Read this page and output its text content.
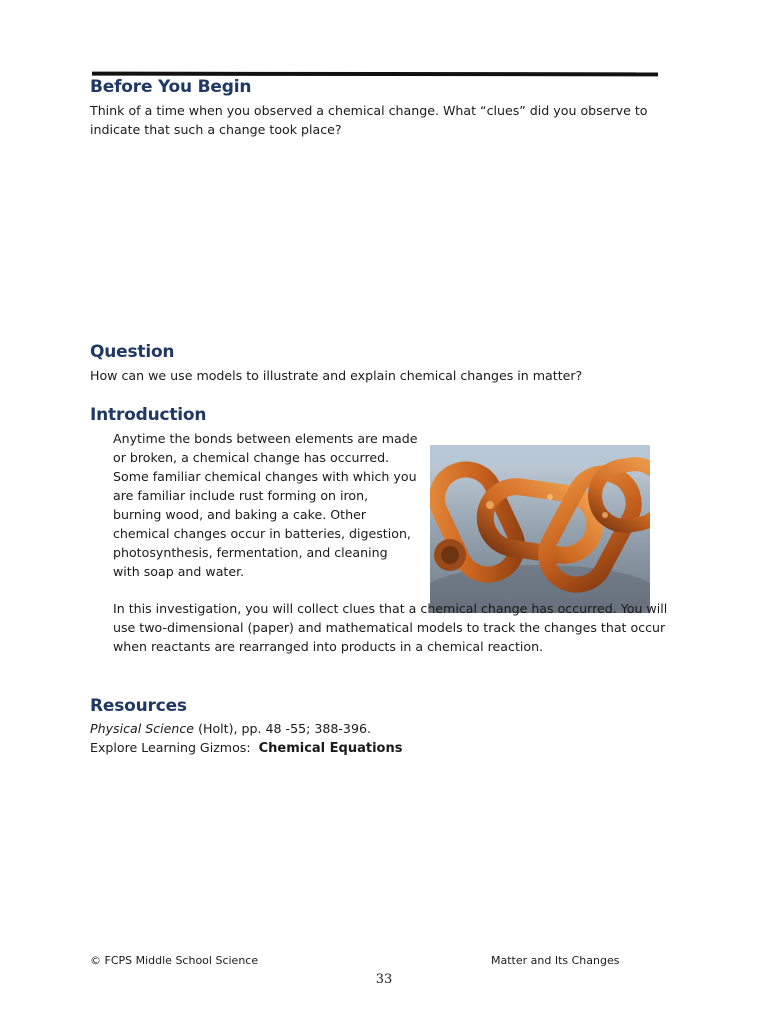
Before You Begin

Think of a time when you observed a chemical change. What “clues” did you observe to indicate that such a change took place?

Question

How can we use models to illustrate and explain chemical changes in matter?

Introduction

Anytime the bonds between elements are made or broken, a chemical change has occurred. Some familiar chemical changes with which you are familiar include rust forming on iron, burning wood, and baking a cake. Other chemical changes occur in batteries, digestion, photosynthesis, fermentation, and cleaning with soap and water.

In this investigation, you will collect clues that a chemical change has occurred. You will use two-dimensional (paper) and mathematical models to track the changes that occur when reactants are rearranged into products in a chemical reaction.

Resources

Physical Science (Holt), pp. 48 -55; 388-396.

Explore Learning Gizmos:  Chemical Equations

© FCPS Middle School Science	Matter and Its Changes
33
